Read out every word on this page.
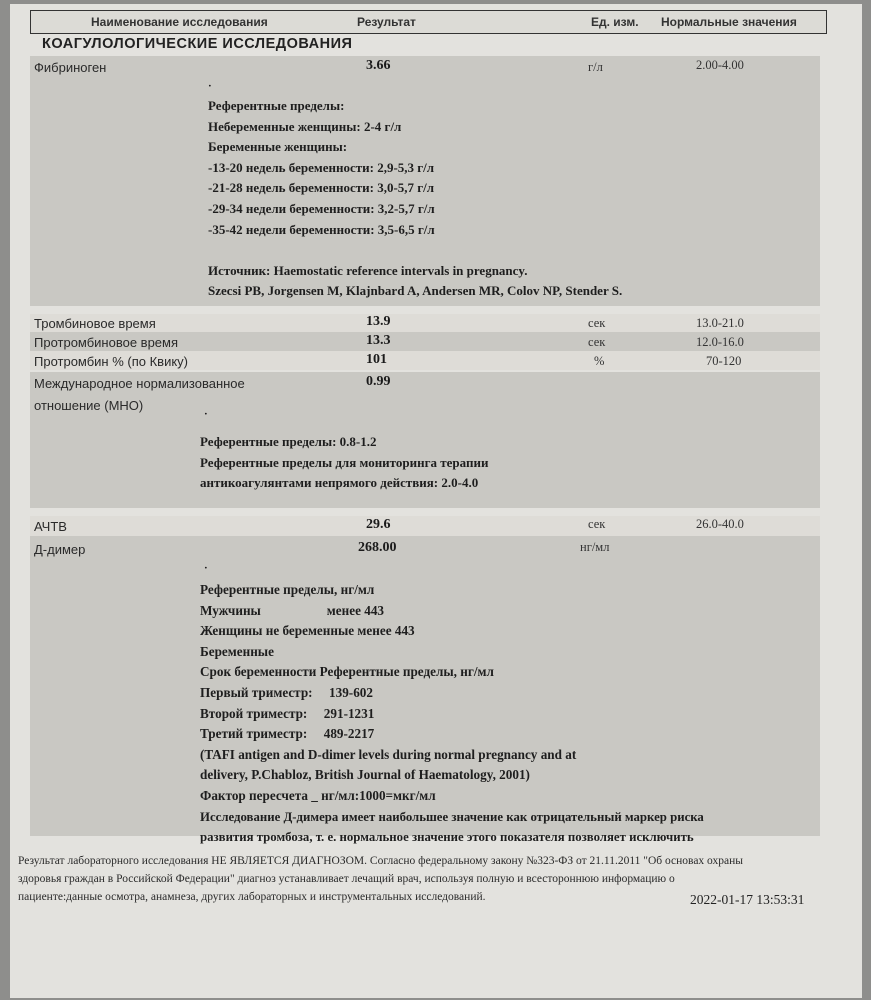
Наименование исследования	Результат	Ед. изм. Нормальные значения
КОАГУЛОЛОГИЧЕСКИЕ ИССЛЕДОВАНИЯ
Фибриноген	3.66	г/л	2.00-4.00
·
Референтные пределы:
Небеременные женщины: 2-4 г/л
Беременные женщины:
-13-20 недель беременности: 2,9-5,3 г/л
-21-28 недель беременности: 3,0-5,7 г/л
-29-34 недели беременности: 3,2-5,7 г/л
-35-42 недели беременности: 3,5-6,5 г/л
Источник: Haemostatic reference intervals in pregnancy.
Szecsi PB, Jorgensen M, Klajnbard A, Andersen MR, Colov NP, Stender S.
Тромбиновое время	13.9	сек	13.0-21.0
Протромбиновое время	13.3	сек	12.0-16.0
Протромбин % (по Квику)	101	%	70-120
Международное нормализованное
отношение (МНО)
0.99
·
Референтные пределы: 0.8-1.2
Референтные пределы для мониторинга терапии
антикоагулянтами непрямого действия: 2.0-4.0
АЧТВ	29.6	сек	26.0-40.0
Д-димер	268.00	нг/мл
·
Референтные пределы, нг/мл
Мужчины                    менее 443
Женщины не беременные менее 443
Беременные
Срок беременности Референтные пределы, нг/мл
Первый триместр:     139-602
Второй триместр:     291-1231
Третий триместр:     489-2217
(TAFI antigen and D-dimer levels during normal pregnancy and at
delivery, P.Chabloz, British Journal of Haematology, 2001)
Фактор пересчета _ нг/мл:1000=мкг/мл
Исследование Д-димера имеет наибольшее значение как отрицательный маркер риска
развития тромбоза, т. е. нормальное значение этого показателя позволяет исключить
Результат лабораторного исследования НЕ ЯВЛЯЕТСЯ ДИАГНОЗОМ. Согласно федеральному закону №323-ФЗ от 21.11.2011 "Об основах охраны
здоровья граждан в Российской Федерации" диагноз устанавливает лечащий врач, используя полную и всестороннюю информацию о
пациенте:данные осмотра, анамнеза, других лабораторных и инструментальных исследований.	2022-01-17 13:53:31
